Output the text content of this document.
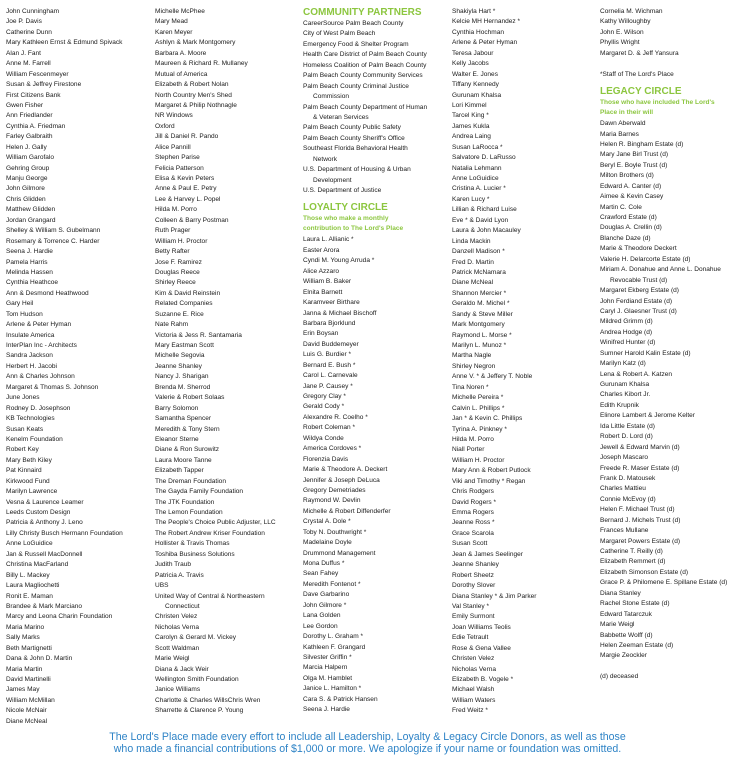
John Cunningham
Joe P. Davis
Catherine Dunn
Mary Kathleen Ernst & Edmund Spivack
Alan J. Fant
Anne M. Farrell
William Fescenmeyer
Susan & Jeffrey Firestone
First Citizens Bank
Gwen Fisher
Ann Friedlander
Cynthia A. Friedman
Farley Galbraith
Helen J. Gally
William Garofalo
Gehring Group
Manju George
John Gilmore
Chris Glidden
Matthew Glidden
Jordan Grangard
Shelley & William S. Gubelmann
Rosemary & Torrence C. Harder
Seena J. Hardie
Pamela Harris
Melinda Hassen
Cynthia Heathcoe
Ann & Desmond Heathwood
Gary Heil
Tom Hudson
Arlene & Peter Hyman
Insulate America
InterPlan Inc - Architects
Sandra Jackson
Herbert H. Jacobi
Ann & Charles Johnson
Margaret & Thomas S. Johnson
June Jones
Rodney D. Josephson
KB Technologies
Susan Keats
Kenelm Foundation
Robert Key
Mary Beth Kiley
Pat Kinnaird
Kirkwood Fund
Marilyn Lawrence
Vesna & Laurence Leamer
Leeds Custom Design
Patricia & Anthony J. Leno
Lilly Christy Busch Hermann Foundation
Anne LoGuidice
Jan & Russell MacDonnell
Christina MacFarland
Billy L. Mackey
Laura Magliochetti
Ronit E. Maman
Brandee & Mark Marciano
Marcy and Leona Charin Foundation
Maria Marino
Sally Marks
Beth Martignetti
Dana & John D. Martin
Maria Martin
David Martinelli
James May
William McMillan
Nicole McNair
Diane McNeal
Michelle McPhee
Mary Mead
Karen Meyer
Ashlyn & Mark Montgomery
Barbara A. Moore
Maureen & Richard R. Mullaney
Mutual of America
Elizabeth & Robert Nolan
North Country Men's Shed
Margaret & Philip Nothnagle
NR Windows
Oxford
Jill & Daniel R. Pando
Alice Pannill
Stephen Parise
Felicia Patterson
Elisa & Kevin Peters
Anne & Paul E. Petry
Lee & Harvey L. Popel
Hilda M. Porro
Colleen & Barry Postman
Ruth Prager
William H. Proctor
Betty Rafter
Jose F. Ramirez
Douglas Reece
Shirley Reece
Kim & David Reinstein
Related Companies
Suzanne E. Rice
Nate Rahm
Victoria & Jess R. Santamaria
Mary Eastman Scott
Michelle Segovia
Jeanne Shanley
Nancy J. Sharigan
Brenda M. Sherrod
Valerie & Robert Solaas
Barry Solomon
Samantha Spencer
Meredith & Tony Stern
Eleanor Sterne
Diane & Ron Surowitz
Laura Moore Tanne
Elizabeth Tapper
The Dreman Foundation
The Gayda Family Foundation
The JTK Foundation
The Lemon Foundation
The People's Choice Public Adjuster, LLC
The Robert Andrew Kriser Foundation
Hollister & Travis Thomas
Toshiba Business Solutions
Judith Traub
Patricia A. Travis
UBS
United Way of Central & Northeastern
Connecticut
Christen Velez
Nicholas Verna
Carolyn & Gerard M. Vickey
Scott Waldman
Marie Weigl
Diana & Jack Weir
Wellington Smith Foundation
Janice Williams
Charlotte & Charles WillsChris Wren
Sharrette & Clarence P. Young
COMMUNITY PARTNERS
CareerSource Palm Beach County
City of West Palm Beach
Emergency Food & Shelter Program
Health Care District of Palm Beach County
Homeless Coalition of Palm Beach County
Palm Beach County Community Services
Palm Beach County Criminal Justice
Commission
Palm Beach County Department of Human
& Veteran Services
Palm Beach County Public Safety
Palm Beach County Sheriff's Office
Southeast Florida Behavioral Health
Network
U.S. Department of Housing & Urban
Development
U.S. Department of Justice
LOYALTY CIRCLE
Those who make a monthly
contribution to The Lord's Place
Laura L. Allianic *
Easter Arora
Cyndi M. Young Arruda *
Alice Azzaro
William B. Baker
Elnita Barnett
Karamveer Birthare
Janna & Michael Bischoff
Barbara Bjorklund
Erin Boysan
David Buddemeyer
Luis G. Burdier *
Bernard E. Bush *
Carol L. Carnevale
Jane P. Causey *
Gregory Clay *
Gerald Cody *
Alexandre R. Coelho *
Robert Coleman *
Wildya Conde
America Cordoves *
Florenzia Davis
Marie & Theodore A. Deckert
Jennifer & Joseph DeLuca
Gregory Demetriades
Raymond W. Devlin
Michelle & Robert Diffenderfer
Crystal A. Dole *
Toby N. Douthwright *
Madelaine Doyle
Drummond Management
Mona Duffus *
Sean Fahey
Meredith Fontenot *
Dave Garbarino
John Gilmore *
Lana Golden
Lee Gordon
Dorothy L. Graham *
Kathleen F. Grangard
Silvester Griffin *
Marcia Halpern
Olga M. Hamblet
Janice L. Hamilton *
Cara S. & Patrick Hansen
Seena J. Hardie
Shakiyla Hart *
Kelcie MH Hernandez *
Cynthia Hochman
Arlene & Peter Hyman
Teresa Jabour
Kelly Jacobs
Walter E. Jones
Tiffany Kennedy
Gurunam Khalsa
Lori Kimmel
Tarcel King *
James Kukla
Andrea Laing
Susan LaRocca *
Salvatore D. LaRusso
Natalia Lehmann
Anne LoGuidice
Cristina A. Lucier *
Karen Lucy *
Lillian & Richard Luise
Eve * & David Lyon
Laura & John Macauley
Linda Mackin
Danzell Madison *
Fred D. Martin
Patrick McNamara
Diane McNeal
Shannon Mercier *
Geraldo M. Michel *
Sandy & Steve Miller
Mark Montgomery
Raymond L. Morse *
Marilyn L. Munoz *
Martha Nagle
Shirley Negron
Anne V. * & Jeffery T. Noble
Tina Noren *
Michelle Pereira *
Calvin L. Phillips *
Jan * & Kevin C. Phillips
Tyrina A. Pinkney *
Hilda M. Porro
Niall Porter
William H. Proctor
Mary Ann & Robert Putlock
Viki and Timothy * Regan
Chris Rodgers
David Rogers *
Emma Rogers
Jeanne Ross *
Grace Scarola
Susan Scott
Jean & James Seelinger
Jeanne Shanley
Robert Sheetz
Dorothy Slover
Diana Stanley * & Jim Parker
Val Stanley *
Emily Surmont
Joan Williams Teolis
Edie Tetrault
Rose & Gena Vallee
Christen Velez
Nicholas Verna
Elizabeth B. Vogele *
Michael Walsh
William Waters
Fred Weitz *
Cornelia M. Wichman
Kathy Willoughby
John E. Wilson
Phyllis Wright
Margaret D. & Jeff Yansura
*Staff of The Lord's Place
LEGACY CIRCLE
Those who have included The Lord's
Place in their will
Dawn Aberwald
Maria Barnes
Helen R. Bingham Estate (d)
Mary Jane Birl Trust (d)
Beryl E. Boyle Trust (d)
Milton Brothers (d)
Edward A. Canter (d)
Aimee & Kevin Casey
Martin C. Cole
Crawford Estate (d)
Douglas A. Crellin (d)
Blanche Daze (d)
Marie & Theodore Deckert
Valerie H. Delarcorte Estate (d)
Miriam A. Donahue and Anne L. Donahue
Revocable Trust (d)
Margaret Ekberg Estate (d)
John Ferdiand Estate (d)
Caryl J. Glaesner Trust (d)
Mildred Grimm (d)
Andrea Hodge (d)
Winifred Hunter (d)
Sumner Harold Kalin Estate (d)
Marilyn Katz (d)
Lena & Robert A. Katzen
Gurunam Khalsa
Charles Kibort Jr.
Edith Krupnik
Elinore Lambert & Jerome Kelter
Ida Little Estate (d)
Robert D. Lord (d)
Jewell & Edward Marvin (d)
Joseph Mascaro
Freede R. Maser Estate (d)
Frank D. Matousek
Charles Mattieu
Connie McEvoy (d)
Helen F. Michael Trust (d)
Bernard J. Michels Trust (d)
Frances Mullane
Margaret Powers Estate (d)
Catherine T. Reilly (d)
Elizabeth Remmert (d)
Elizabeth Simonson Estate (d)
Grace P. & Philomene E. Spillane Estate (d)
Diana Stanley
Rachel Stone Estate (d)
Edward Tatarczuk
Marie Weigl
Babbette Wolff (d)
Helen Zeeman Estate (d)
Margie Zeockler
(d) deceased
The Lord's Place made every effort to include all Leadership, Loyalty & Legacy Circle Donors, as well as those
who made a financial contributions of $1,000 or more. We apologize if your name or foundation was omitted.
